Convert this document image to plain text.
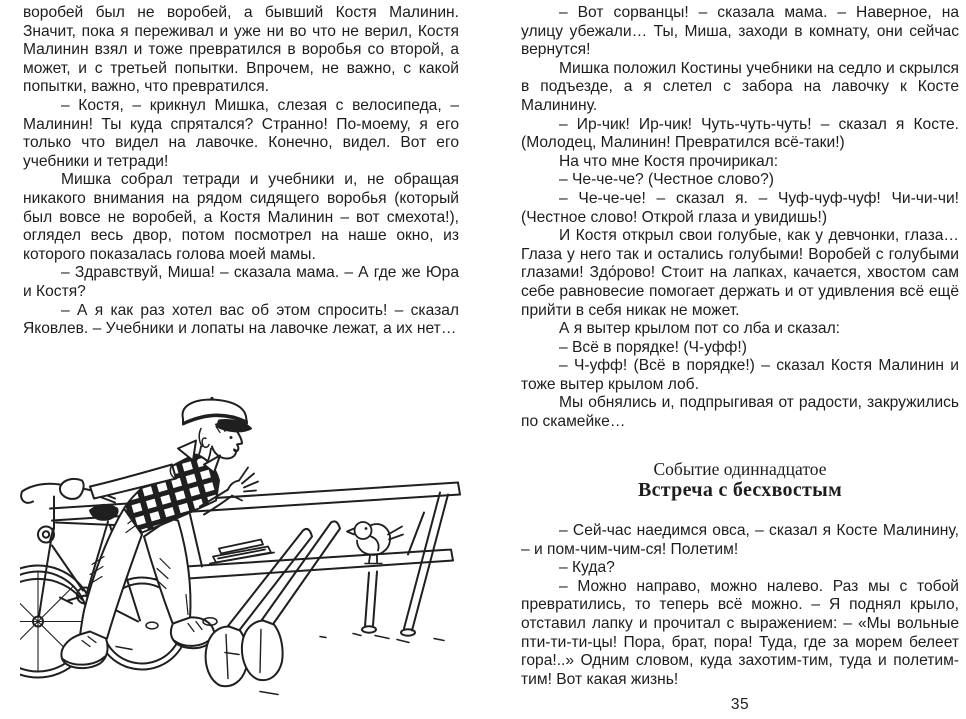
воробей был не воробей, а бывший Костя Малинин. Значит, пока я переживал и уже ни во что не верил, Костя Малинин взял и тоже превратился в воробья со второй, а может, и с третьей попытки. Впрочем, не важно, с какой попытки, важно, что превратился.

– Костя, – крикнул Мишка, слезая с велосипеда, – Малинин! Ты куда спрятался? Странно! По-моему, я его только что видел на лавочке. Конечно, видел. Вот его учебники и тетради!

Мишка собрал тетради и учебники и, не обращая никакого внимания на рядом сидящего воробья (который был вовсе не воробей, а Костя Малинин – вот смехота!), оглядел весь двор, потом посмотрел на наше окно, из которого показалась голова моей мамы.

– Здравствуй, Миша! – сказала мама. – А где же Юра и Костя?

– А я как раз хотел вас об этом спросить! – сказал Яковлев. – Учебники и лопаты на лавочке лежат, а их нет…

– Вот сорванцы! – сказала мама. – Наверное, на улицу убежали… Ты, Миша, заходи в комнату, они сейчас вернутся!

Мишка положил Костины учебники на седло и скрылся в подъезде, а я слетел с забора на лавочку к Косте Малинину.

– Ир-чик! Ир-чик! Чуть-чуть-чуть! – сказал я Косте. (Молодец, Малинин! Превратился всё-таки!)

На что мне Костя прочирикал:

– Че-че-че? (Честное слово?)

– Че-че-че! – сказал я. – Чуф-чуф-чуф! Чи-чи-чи! (Честное слово! Открой глаза и увидишь!)

И Костя открыл свои голубые, как у девчонки, глаза… Глаза у него так и остались голубыми! Воробей с голубыми глазами! Здо́рово! Стоит на лапках, качается, хвостом сам себе равновесие помогает держать и от удивления всё ещё прийти в себя никак не может.

А я вытер крылом пот со лба и сказал:

– Всё в порядке! (Ч-уфф!)

– Ч-уфф! (Всё в порядке!) – сказал Костя Малинин и тоже вытер крылом лоб.

Мы обнялись и, подпрыгивая от радости, закружились по скамейке…

Событие одиннадцатое
Встреча с бесхвостым

– Сей-час наедимся овса, – сказал я Косте Малинину, – и пом-чим-чим-ся! Полетим!

– Куда?

– Можно направо, можно налево. Раз мы с тобой превратились, то теперь всё можно. – Я поднял крыло, отставил лапку и прочитал с выражением: – «Мы вольные пти-ти-ти-цы! Пора, брат, пора! Туда, где за морем белеет гора!..» Одним словом, куда захотим-тим, туда и полетим-тим! Вот какая жизнь!

35
